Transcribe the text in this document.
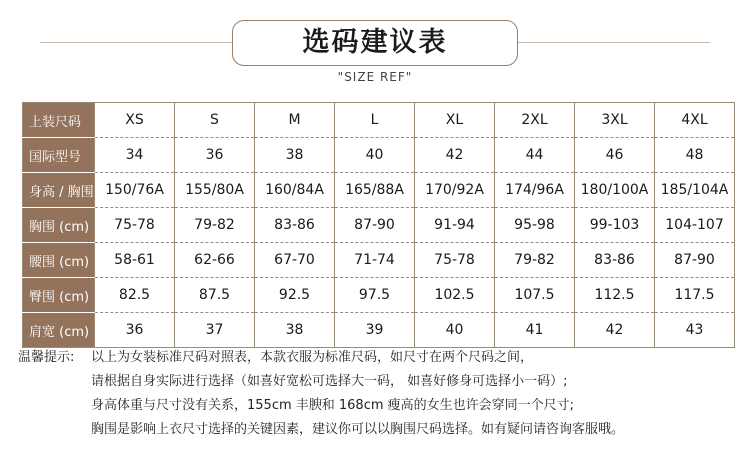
选码建议表
"SIZE REF"
上装尺码	XS	S	M	L	XL	2XL	3XL	4XL
国际型号	34	36	38	40	42	44	46	48
身高 / 胸围	150/76A	155/80A	160/84A	165/88A	170/92A	174/96A	180/100A	185/104A
胸围 (cm)	75-78	79-82	83-86	87-90	91-94	95-98	99-103	104-107
腰围 (cm)	58-61	62-66	67-70	71-74	75-78	79-82	83-86	87-90
臀围 (cm)	82.5	87.5	92.5	97.5	102.5	107.5	112.5	117.5
肩宽 (cm)	36	37	38	39	40	41	42	43
温馨提示: 以上为女装标准尺码对照表，本款衣服为标准尺码，如尺寸在两个尺码之间，
请根据自身实际进行选择（如喜好宽松可选择大一码， 如喜好修身可选择小一码）;
身高体重与尺寸没有关系，155cm 丰腴和 168cm 瘦高的女生也许会穿同一个尺寸;
胸围是影响上衣尺寸选择的关键因素，建议你可以以胸围尺码选择。如有疑问请咨询客服哦。
